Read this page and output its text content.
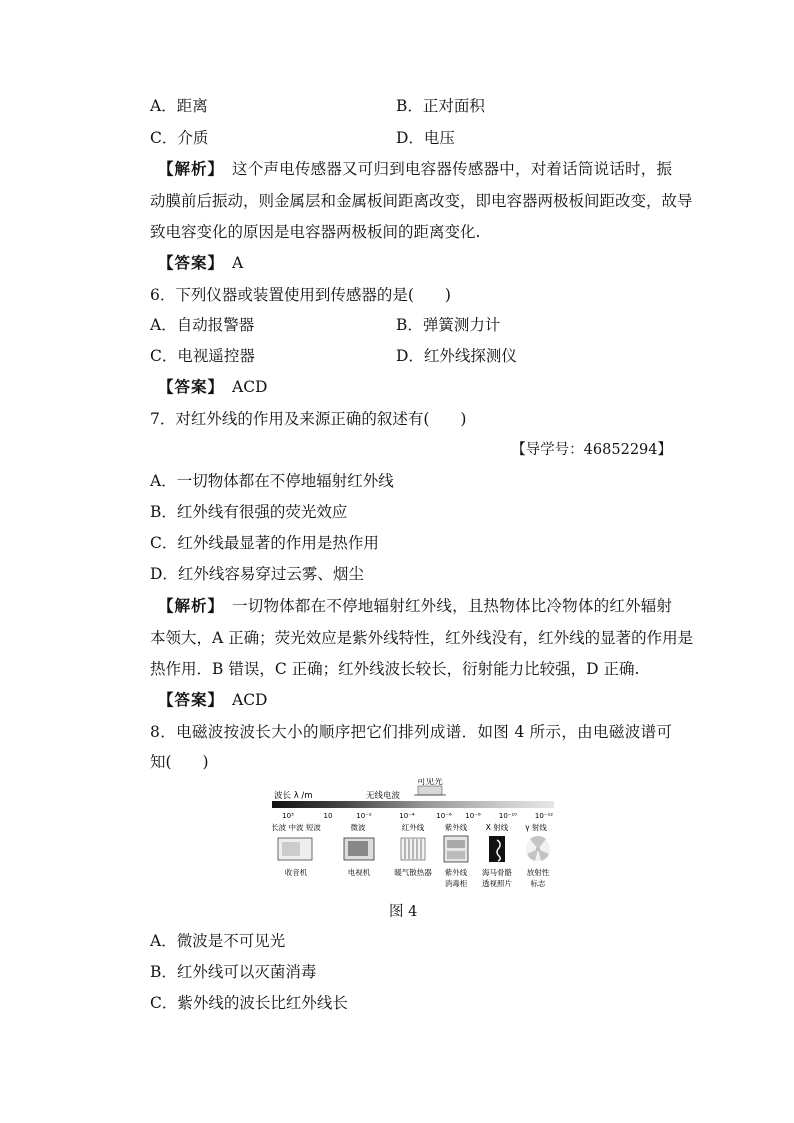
A．距离	B．正对面积
C．介质	D．电压
【解析】 这个声电传感器又可归到电容器传感器中，对着话筒说话时，振
动膜前后振动，则金属层和金属板间距离改变，即电容器两极板间距改变，故导
致电容变化的原因是电容器两极板间的距离变化.
【答案】 A
6．下列仪器或装置使用到传感器的是(　　)
A．自动报警器	B．弹簧测力计
C．电视遥控器	D．红外线探测仪
【答案】 ACD
7．对红外线的作用及来源正确的叙述有(　　)
【导学号：46852294】
A．一切物体都在不停地辐射红外线
B．红外线有很强的荧光效应
C．红外线最显著的作用是热作用
D．红外线容易穿过云雾、烟尘
【解析】 一切物体都在不停地辐射红外线，且热物体比冷物体的红外辐射
本领大，A 正确；荧光效应是紫外线特性，红外线没有，红外线的显著的作用是
热作用．B 错误，C 正确；红外线波长较长，衍射能力比较强，D 正确.
【答案】 ACD
8．电磁波按波长大小的顺序把它们排列成谱．如图 4 所示，由电磁波谱可
知(　　)
可见光
无线电波
波长 λ /m
10³	10	10⁻²	10⁻⁴	10⁻⁶ 10⁻⁸	10⁻¹⁰	10⁻¹²
长波 中波 短波	微波	红外线	紫外线 X 射线 γ 射线
收音机	电视机	暖气散热器 紫外线 海马骨骼 放射性
消毒柜 透视照片 标志
图 4
A．微波是不可见光
B．红外线可以灭菌消毒
C．紫外线的波长比红外线长
